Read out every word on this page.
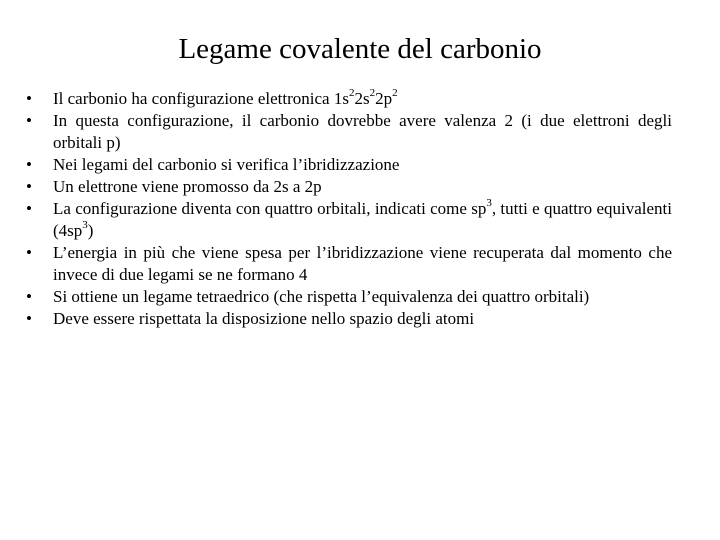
Legame covalente del carbonio
•	Il carbonio ha configurazione elettronica $1s^22s^22p^2$
•	In questa configurazione, il carbonio dovrebbe avere valenza 2 (i due elettroni degli orbitali p)
•	Nei legami del carbonio si verifica l’ibridizzazione
•	Un elettrone viene promosso da 2s a 2p
•	La configurazione diventa con quattro orbitali, indicati come $sp^3$, tutti e quattro equivalenti $(4sp^3)$
•	L’energia in più che viene spesa per l’ibridizzazione viene recuperata dal momento che invece di due legami se ne formano 4
•	Si ottiene un legame tetraedrico (che rispetta l’equivalenza dei quattro orbitali)
•	Deve essere rispettata la disposizione nello spazio degli atomi
